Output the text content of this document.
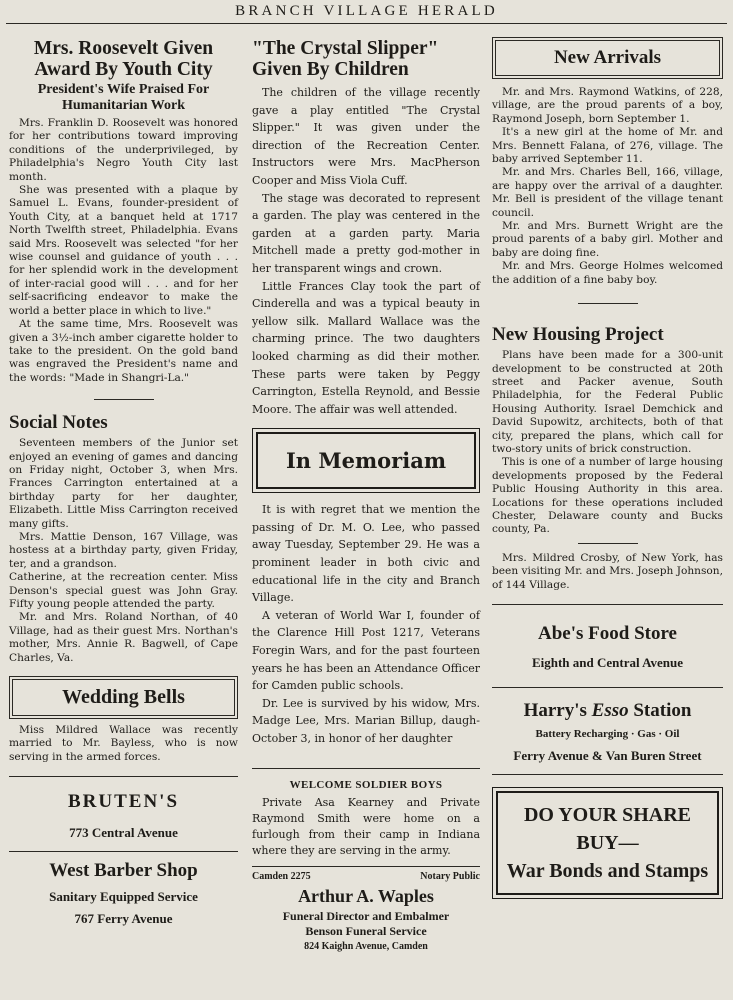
BRANCH VILLAGE HERALD
Mrs. Roosevelt Given Award By Youth City
President's Wife Praised For Humanitarian Work

Mrs. Franklin D. Roosevelt was honored for her contributions toward improving conditions of the underprivileged, by Philadelphia's Negro Youth City last month.

She was presented with a plaque by Samuel L. Evans, founder-president of Youth City, at a banquet held at 1717 North Twelfth street, Philadelphia. Evans said Mrs. Roosevelt was selected "for her wise counsel and guidance of youth . . . for her splendid work in the development of inter-racial good will . . . and for her self-sacrificing endeavor to make the world a better place in which to live."

At the same time, Mrs. Roosevelt was given a 3½-inch amber cigarette holder to take to the president. On the gold band was engraved the President's name and the words: "Made in Shangri-La."

Social Notes

Seventeen members of the Junior set enjoyed an evening of games and dancing on Friday night, October 3, when Mrs. Frances Carrington entertained at a birthday party for her daughter, Elizabeth. Little Miss Carrington received many gifts.

Mrs. Mattie Denson, 167 Village, was hostess at a birthday party, given Friday, ter, and a grandson.

Catherine, at the recreation center. Miss Denson's special guest was John Gray. Fifty young people attended the party.

Mr. and Mrs. Roland Northan, of 40 Village, had as their guest Mrs. Northan's mother, Mrs. Annie R. Bagwell, of Cape Charles, Va.

Wedding Bells

Miss Mildred Wallace was recently married to Mr. Bayless, who is now serving in the armed forces.

BRUTEN'S
773 Central Avenue
West Barber Shop
Sanitary Equipped Service
767 Ferry Avenue
"The Crystal Slipper" Given By Children

The children of the village recently gave a play entitled "The Crystal Slipper." It was given under the direction of the Recreation Center. Instructors were Mrs. MacPherson Cooper and Miss Viola Cuff.

The stage was decorated to represent a garden. The play was centered in the garden at a garden party. Maria Mitchell made a pretty god-mother in her transparent wings and crown.

Little Frances Clay took the part of Cinderella and was a typical beauty in yellow silk. Mallard Wallace was the charming prince. The two daughters looked charming as did their mother. These parts were taken by Peggy Carrington, Estella Reynold, and Bessie Moore. The affair was well attended.

In Memoriam

It is with regret that we mention the passing of Dr. M. O. Lee, who passed away Tuesday, September 29. He was a prominent leader in both civic and educational life in the city and Branch Village.

A veteran of World War I, founder of the Clarence Hill Post 1217, Veterans Foregin Wars, and for the past fourteen years he has been an Attendance Officer for Camden public schools.

Dr. Lee is survived by his widow, Mrs. Madge Lee, Mrs. Marian Billup, daugh-October 3, in honor of her daughter

WELCOME SOLDIER BOYS

Private Asa Kearney and Private Raymond Smith were home on a furlough from their camp in Indiana where they are serving in the army.

Camden 2275	Notary Public
Arthur A. Waples
Funeral Director and Embalmer
Benson Funeral Service
824 Kaighn Avenue, Camden
New Arrivals

Mr. and Mrs. Raymond Watkins, of 228, village, are the proud parents of a boy, Raymond Joseph, born September 1.

It's a new girl at the home of Mr. and Mrs. Bennett Falana, of 276, village. The baby arrived September 11.

Mr. and Mrs. Charles Bell, 166, village, are happy over the arrival of a daughter. Mr. Bell is president of the village tenant council.

Mr. and Mrs. Burnett Wright are the proud parents of a baby girl. Mother and baby are doing fine.

Mr. and Mrs. George Holmes welcomed the addition of a fine baby boy.

New Housing Project

Plans have been made for a 300-unit development to be constructed at 20th street and Packer avenue, South Philadelphia, for the Federal Public Housing Authority. Israel Demchick and David Supowitz, architects, both of that city, prepared the plans, which call for two-story units of brick construction.

This is one of a number of large housing developments proposed by the Federal Public Housing Authority in this area. Locations for these operations included Chester, Delaware county and Bucks county, Pa.

Mrs. Mildred Crosby, of New York, has been visiting Mr. and Mrs. Joseph Johnson, of 144 Village.

Abe's Food Store
Eighth and Central Avenue
Harry's Esso Station
Battery Recharging · Gas · Oil
Ferry Avenue & Van Buren Street
DO YOUR SHARE
BUY—
War Bonds and Stamps
